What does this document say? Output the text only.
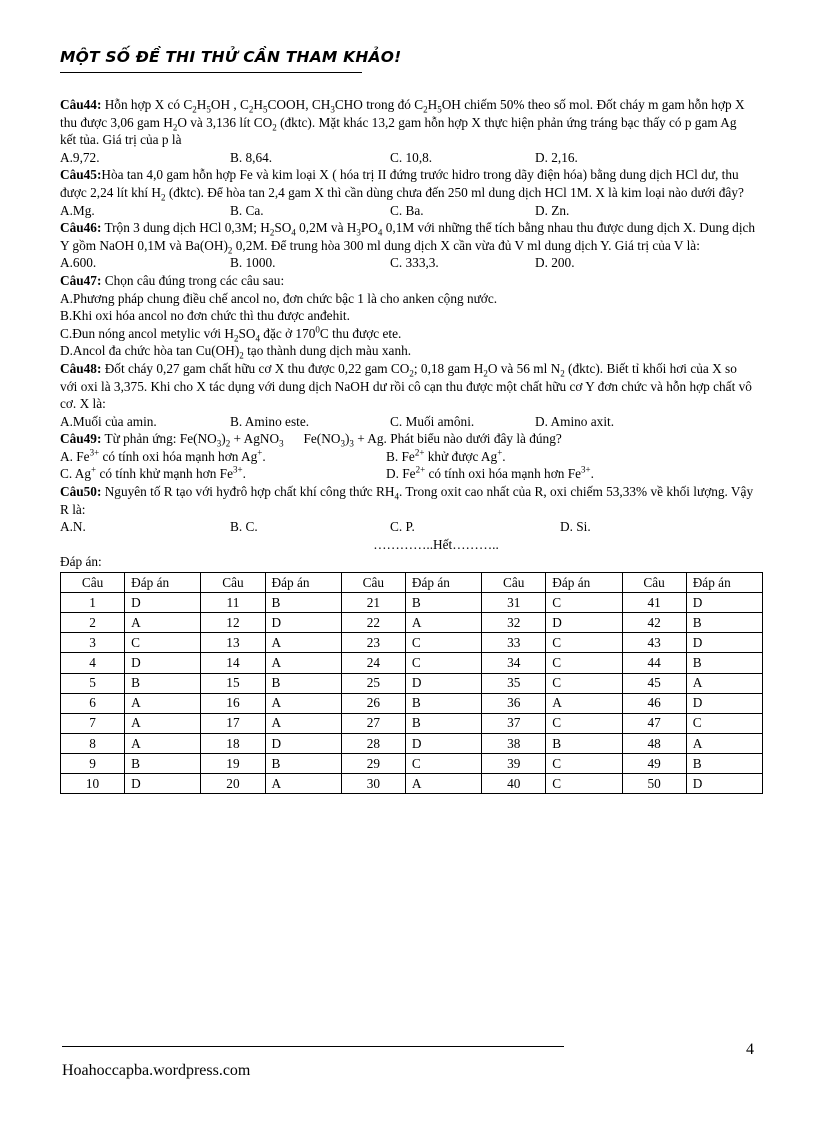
MỘT SỐ ĐỀ THI THỬ CẦN THAM KHẢO!

Câu44: Hỗn hợp X có $C_2H_5OH$ , $C_2H_5COOH$, $CH_3CHO$ trong đó $C_2H_5OH$ chiếm 50% theo số mol. Đốt cháy m gam hỗn hợp X thu được 3,06 gam $H_2O$ và 3,136 lít $CO_2$ (đktc). Mặt khác 13,2 gam hỗn hợp X thực hiện phản ứng tráng bạc thấy có p gam Ag kết tủa. Giá trị của p là

A.9,72.	B. 8,64.	C. 10,8.	D. 2,16.

Câu45:Hòa tan 4,0 gam hỗn hợp Fe và kim loại X ( hóa trị II đứng trước hidro trong dãy điện hóa) bằng dung dịch HCl dư, thu được 2,24 lít khí $H_2$ (đktc). Để hòa tan 2,4 gam X thì cần dùng chưa đến 250 ml dung dịch HCl 1M. X là kim loại nào dưới đây?

A.Mg.	B. Ca.	C. Ba.	D. Zn.

Câu46: Trộn 3 dung dịch HCl 0,3M; $H_2SO_4$ 0,2M và $H_3PO_4$ 0,1M với những thể tích bằng nhau thu được dung dịch X. Dung dịch Y gồm NaOH 0,1M và $Ba(OH)_2$ 0,2M. Để trung hòa 300 ml dung dịch X cần vừa đủ V ml dung dịch Y. Giá trị của V là:

A.600.	B. 1000.	C. 333,3.	D. 200.

Câu47: Chọn câu đúng trong các câu sau:

A.Phương pháp chung điều chế ancol no, đơn chức bậc 1 là cho anken cộng nước.

B.Khi oxi hóa ancol no đơn chức thì thu được anđehit.

C.Đun nóng ancol metylic với $H_2SO_4$ đặc ở $170^0C$ thu được ete.

D.Ancol đa chức hòa $\tan Cu(OH)_2$ tạo thành dung dịch màu xanh.

Câu48: Đốt cháy 0,27 gam chất hữu cơ X thu được 0,22 gam $CO_2$; 0,18 gam $H_2O$ và 56 ml $N_2$ (đktc). Biết tỉ khối hơi của X so với oxi là 3,375. Khi cho X tác dụng với dung dịch NaOH dư rồi cô cạn thu được một chất hữu cơ Y đơn chức và hỗn hợp chất vô cơ. X là:

A.Muối của amin.	B. Amino este.	C. Muối amôni.	D. Amino axit.

Câu49: Từ phản ứng: $Fe(NO_3)_2$ + AgNO$_3$      $Fe(NO_3)_3 + Ag$. Phát biểu nào dưới đây là đúng?

A. $Fe^{3+}$ có tính oxi hóa mạnh hơn Ag+.	B. $Fe^{2+}$ khử được Ag+.
C. Ag+ có tính khử mạnh hơn $Fe^{3+}$.	D. $Fe^{2+}$ có tính oxi hóa mạnh hơn $Fe^{3+}$.

Câu50: Nguyên tố R tạo với hyđrô hợp chất khí công thức $RH_4$. Trong oxit cao nhất của R, oxi chiếm 53,33% về khối lượng. Vậy R là:

A.N.	B. C.	C. P.	D. Si.

…………..Hết………..

Đáp án:

Câu	Đáp án	Câu	Đáp án	Câu	Đáp án	Câu	Đáp án	Câu	Đáp án
1	D	11	B	21	B	31	C	41	D
2	A	12	D	22	A	32	D	42	B
3	C	13	A	23	C	33	C	43	D
4	D	14	A	24	C	34	C	44	B
5	B	15	B	25	D	35	C	45	A
6	A	16	A	26	B	36	A	46	D
7	A	17	A	27	B	37	C	47	C
8	A	18	D	28	D	38	B	48	A
9	B	19	B	29	C	39	C	49	B
10	D	20	A	30	A	40	C	50	D
4
Hoahoccapba.wordpress.com
